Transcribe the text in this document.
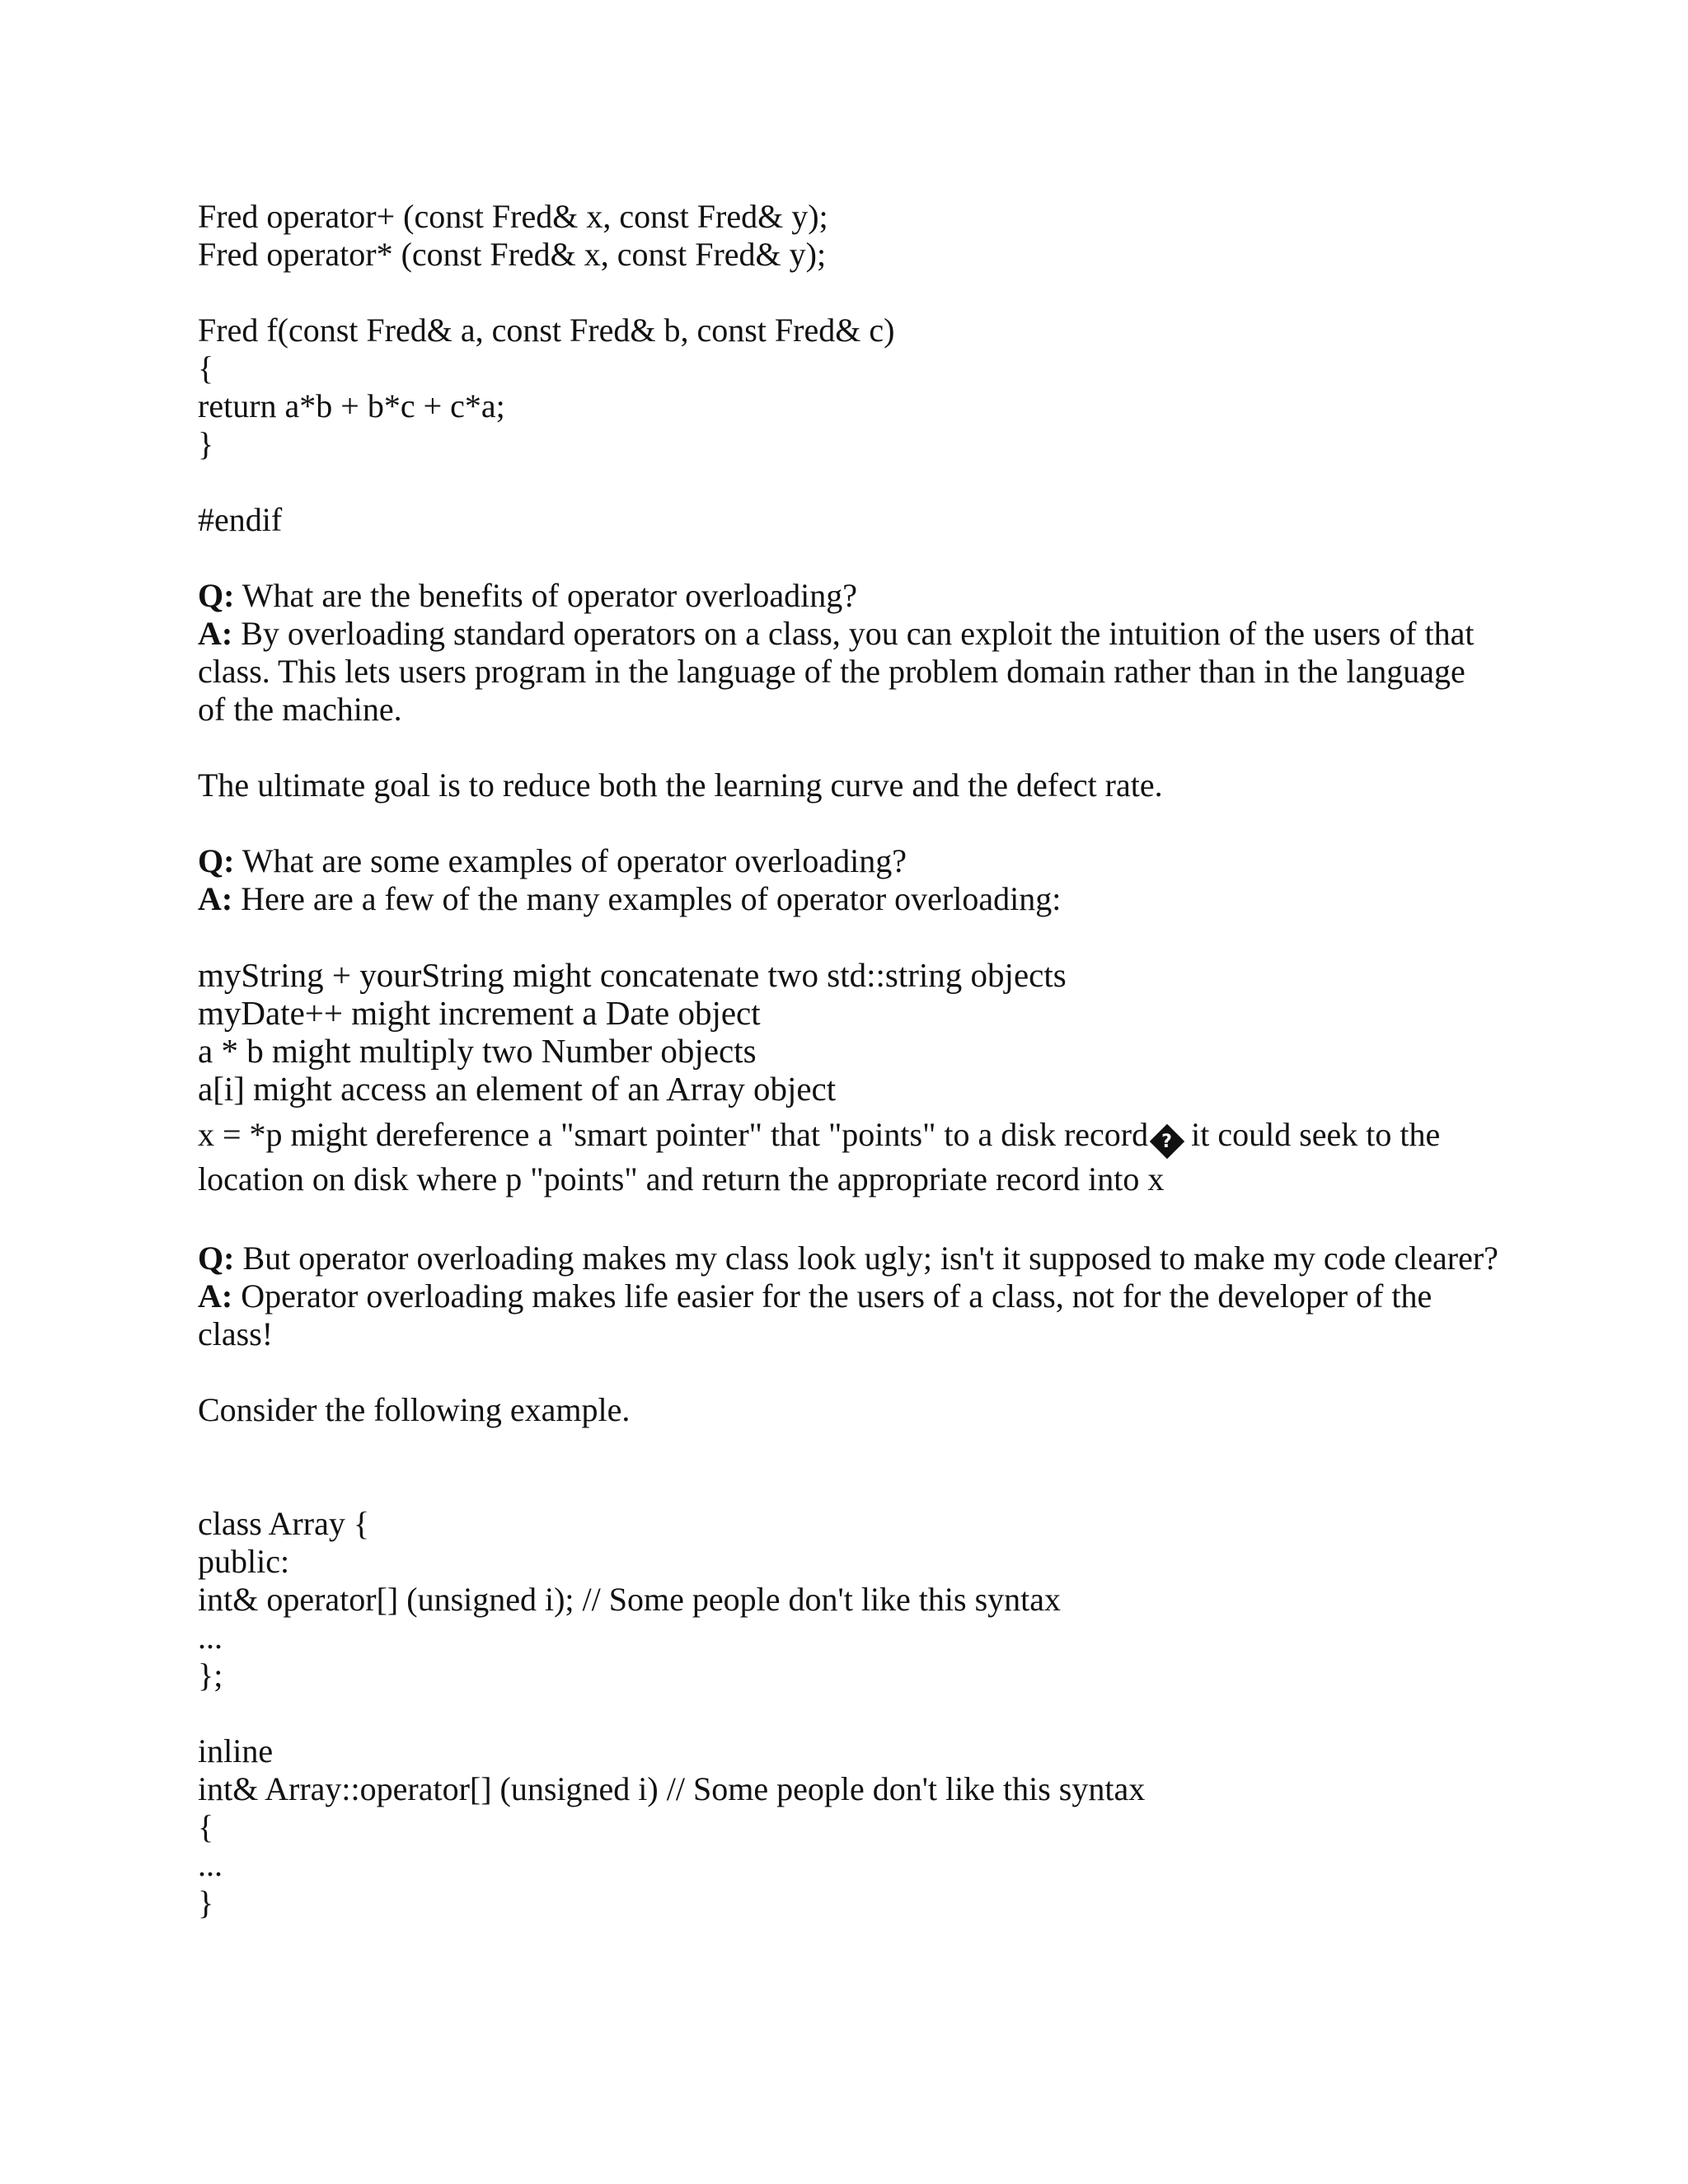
Fred operator+ (const Fred& x, const Fred& y);
Fred operator* (const Fred& x, const Fred& y);
Fred f(const Fred& a, const Fred& b, const Fred& c)
{
return a*b + b*c + c*a;
}
#endif
Q: What are the benefits of operator overloading?
A: By overloading standard operators on a class, you can exploit the intuition of the users of that class. This lets users program in the language of the problem domain rather than in the language of the machine.
The ultimate goal is to reduce both the learning curve and the defect rate.
Q: What are some examples of operator overloading?
A: Here are a few of the many examples of operator overloading:
myString + yourString might concatenate two std::string objects
myDate++ might increment a Date object
a * b might multiply two Number objects
a[i] might access an element of an Array object
x = *p might dereference a "smart pointer" that "points" to a disk record ? it could seek to the location on disk where p "points" and return the appropriate record into x
Q: But operator overloading makes my class look ugly; isn't it supposed to make my code clearer?
A: Operator overloading makes life easier for the users of a class, not for the developer of the class!
Consider the following example.
class Array {
public:
int& operator[] (unsigned i); // Some people don't like this syntax
...
};
inline
int& Array::operator[] (unsigned i) // Some people don't like this syntax
{
...
}
